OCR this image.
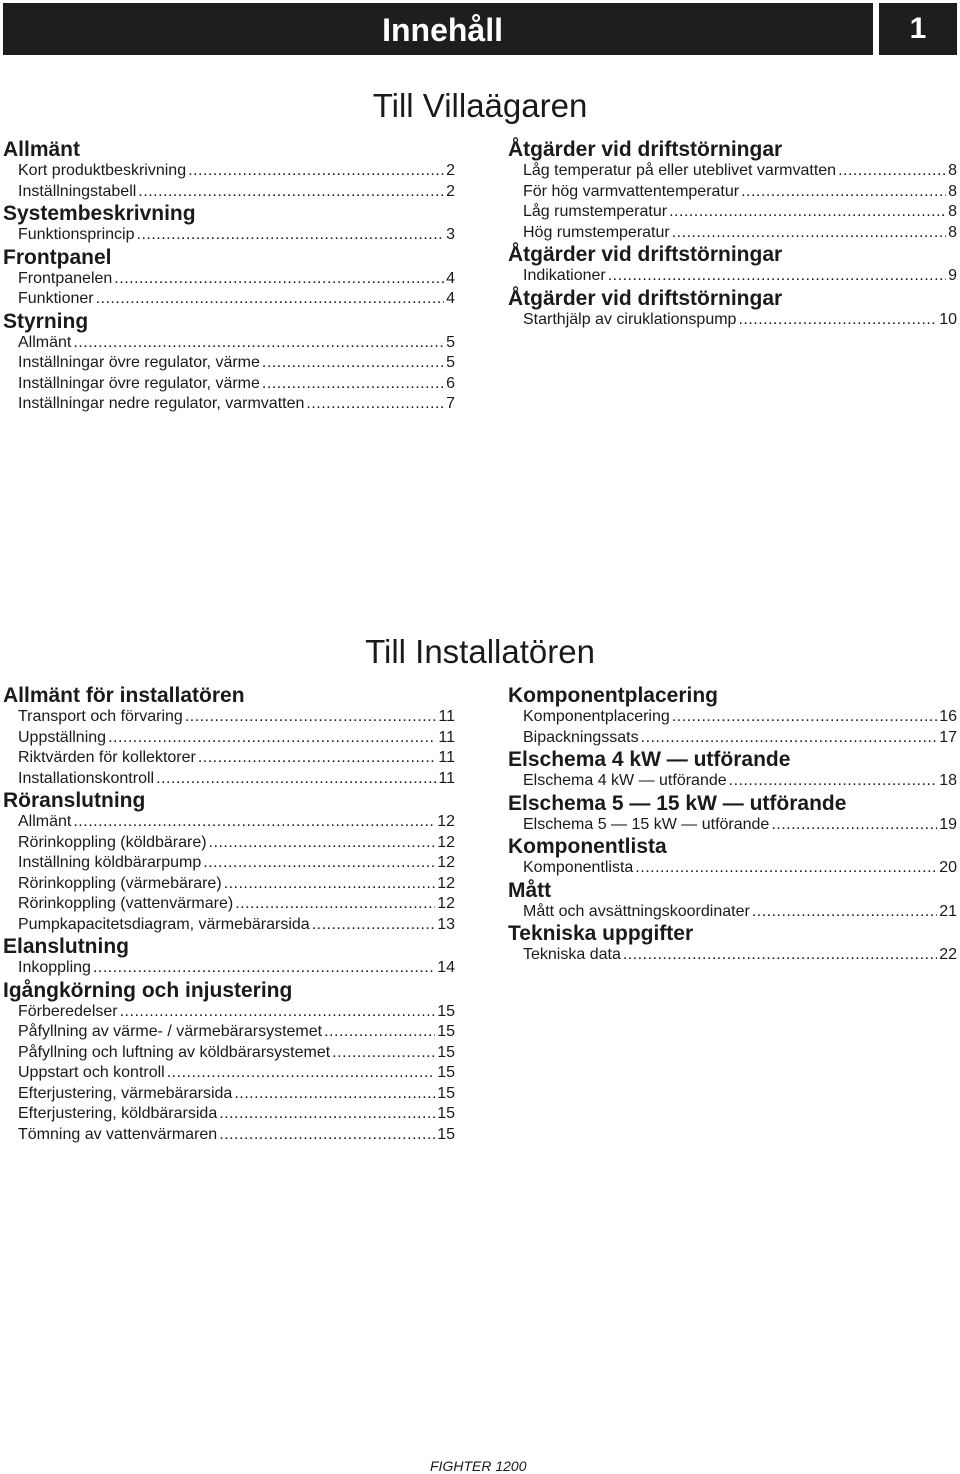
Innehåll	1
Till Villaägaren
Allmänt
Kort produktbeskrivning .....	2
Inställningstabell .....	2
Systembeskrivning
Funktionsprincip .....	3
Frontpanel
Frontpanelen .....	4
Funktioner .....	4
Styrning
Allmänt .....	5
Inställningar övre regulator, värme .....	5
Inställningar övre regulator, värme .....	6
Inställningar nedre regulator, varmvatten .....	7
Åtgärder vid driftstörningar
Låg temperatur på eller uteblivet varmvatten .....	8
För hög varmvattentemperatur .....	8
Låg rumstemperatur .....	8
Hög rumstemperatur .....	8
Åtgärder vid driftstörningar
Indikationer .....	9
Åtgärder vid driftstörningar
Starthjälp av ciruklationspump .....	10
Till Installatören
Allmänt för installatören
Transport och förvaring .....	11
Uppställning .....	11
Riktvärden för kollektorer .....	11
Installationskontroll .....	11
Röranslutning
Allmänt .....	12
Rörinkoppling (köldbärare) .....	12
Inställning köldbärarpump .....	12
Rörinkoppling (värmebärare) .....	12
Rörinkoppling (vattenvärmare) .....	12
Pumpkapacitetsdiagram, värmebärarsida .....	13
Elanslutning
Inkoppling .....	14
Igångkörning och injustering
Förberedelser .....	15
Påfyllning av värme- / värmebärarsystemet .....	15
Påfyllning och luftning av köldbärarsystemet .....	15
Uppstart och kontroll .....	15
Efterjustering, värmebärarsida .....	15
Efterjustering, köldbärarsida .....	15
Tömning av vattenvärmaren .....	15
Komponentplacering
Komponentplacering .....	16
Bipackningssats .....	17
Elschema 4 kW — utförande
Elschema 4 kW — utförande .....	18
Elschema 5 — 15 kW — utförande
Elschema 5 — 15 kW — utförande .....	19
Komponentlista
Komponentlista .....	20
Mått
Mått och avsättningskoordinater .....	21
Tekniska uppgifter
Tekniska data .....	22
FIGHTER 1200
